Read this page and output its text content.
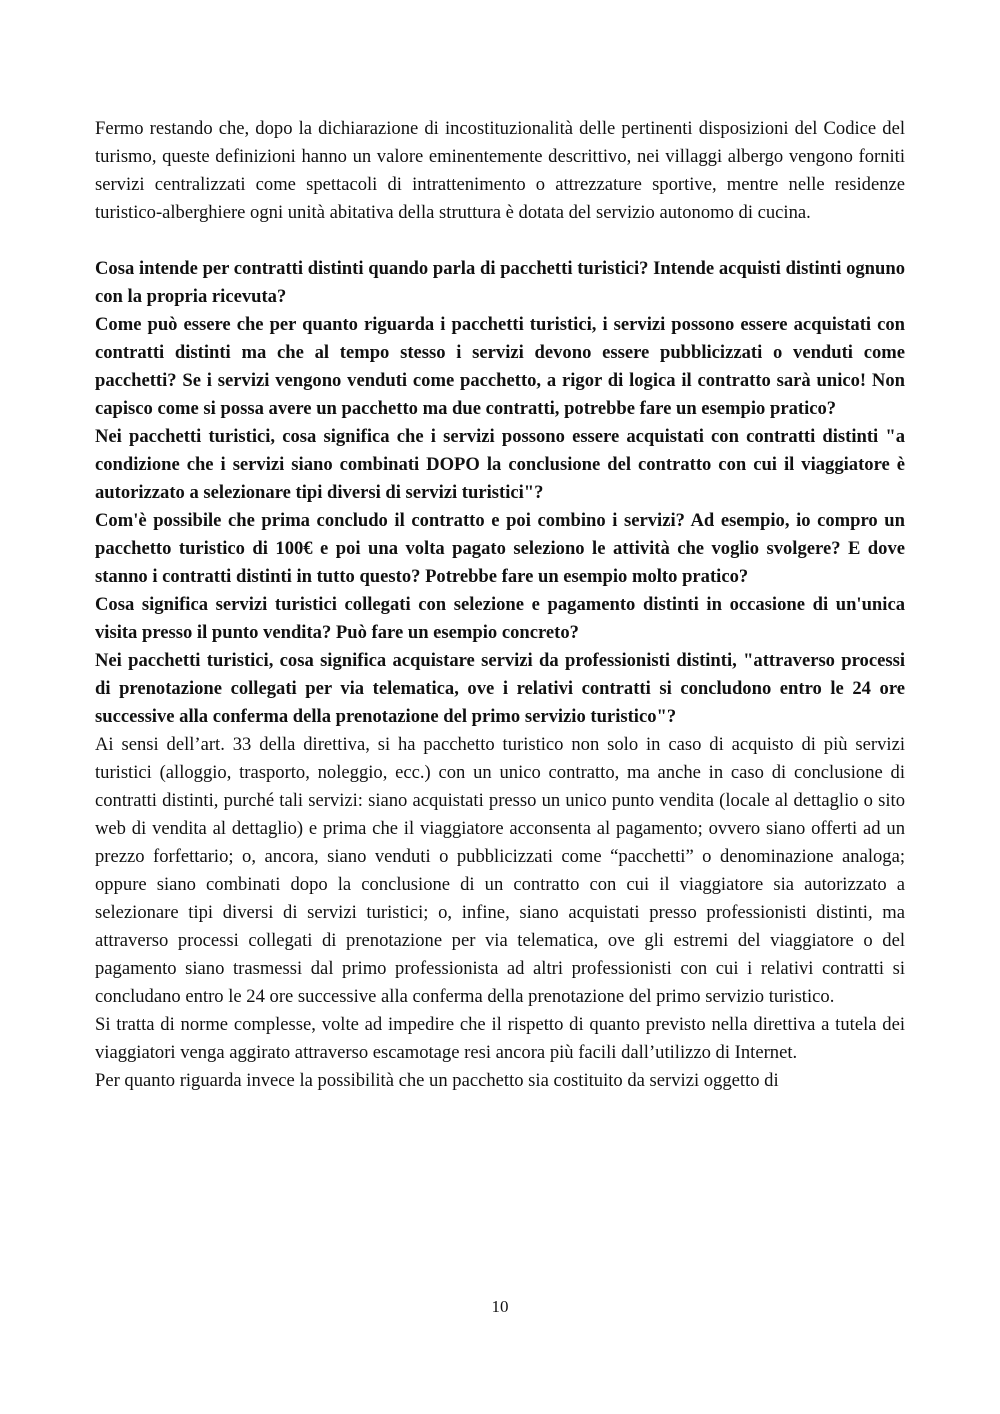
Fermo restando che, dopo la dichiarazione di incostituzionalità delle pertinenti disposizioni del Codice del turismo, queste definizioni hanno un valore eminentemente descrittivo, nei villaggi albergo vengono forniti servizi centralizzati come spettacoli di intrattenimento o attrezzature sportive, mentre nelle residenze turistico-alberghiere ogni unità abitativa della struttura è dotata del servizio autonomo di cucina.

Cosa intende per contratti distinti quando parla di pacchetti turistici? Intende acquisti distinti ognuno con la propria ricevuta?

Come può essere che per quanto riguarda i pacchetti turistici, i servizi possono essere acquistati con contratti distinti ma che al tempo stesso i servizi devono essere pubblicizzati o venduti come pacchetti? Se i servizi vengono venduti come pacchetto, a rigor di logica il contratto sarà unico! Non capisco come si possa avere un pacchetto ma due contratti, potrebbe fare un esempio pratico?

Nei pacchetti turistici, cosa significa che i servizi possono essere acquistati con contratti distinti "a condizione che i servizi siano combinati DOPO la conclusione del contratto con cui il viaggiatore è autorizzato a selezionare tipi diversi di servizi turistici"?

Com'è possibile che prima concludo il contratto e poi combino i servizi? Ad esempio, io compro un pacchetto turistico di 100€ e poi una volta pagato seleziono le attività che voglio svolgere? E dove stanno i contratti distinti in tutto questo? Potrebbe fare un esempio molto pratico?

Cosa significa servizi turistici collegati con selezione e pagamento distinti in occasione di un'unica visita presso il punto vendita? Può fare un esempio concreto?

Nei pacchetti turistici, cosa significa acquistare servizi da professionisti distinti, "attraverso processi di prenotazione collegati per via telematica, ove i relativi contratti si concludono entro le 24 ore successive alla conferma della prenotazione del primo servizio turistico"?

Ai sensi dell’art. 33 della direttiva, si ha pacchetto turistico non solo in caso di acquisto di più servizi turistici (alloggio, trasporto, noleggio, ecc.) con un unico contratto, ma anche in caso di conclusione di contratti distinti, purché tali servizi: siano acquistati presso un unico punto vendita (locale al dettaglio o sito web di vendita al dettaglio) e prima che il viaggiatore acconsenta al pagamento; ovvero siano offerti ad un prezzo forfettario; o, ancora, siano venduti o pubblicizzati come “pacchetti” o denominazione analoga; oppure siano combinati dopo la conclusione di un contratto con cui il viaggiatore sia autorizzato a selezionare tipi diversi di servizi turistici; o, infine, siano acquistati presso professionisti distinti, ma attraverso processi collegati di prenotazione per via telematica, ove gli estremi del viaggiatore o del pagamento siano trasmessi dal primo professionista ad altri professionisti con cui i relativi contratti si concludano entro le 24 ore successive alla conferma della prenotazione del primo servizio turistico.

Si tratta di norme complesse, volte ad impedire che il rispetto di quanto previsto nella direttiva a tutela dei viaggiatori venga aggirato attraverso escamotage resi ancora più facili dall’utilizzo di Internet.

Per quanto riguarda invece la possibilità che un pacchetto sia costituito da servizi oggetto di

10
